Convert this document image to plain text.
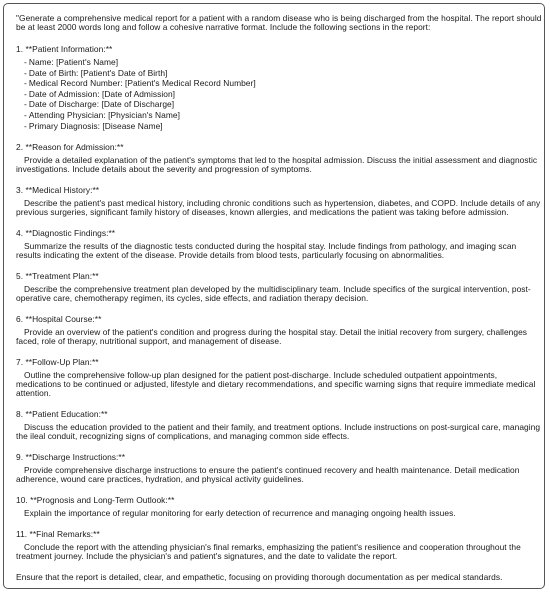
"Generate a comprehensive medical report for a patient with a random disease who is being discharged from the hospital. The report should be at least 2000 words long and follow a cohesive narrative format. Include the following sections in the report:

1. **Patient Information:**
- Name: [Patient's Name]
- Date of Birth: [Patient's Date of Birth]
- Medical Record Number: [Patient's Medical Record Number]
- Date of Admission: [Date of Admission]
- Date of Discharge: [Date of Discharge]
- Attending Physician: [Physician's Name]
- Primary Diagnosis: [Disease Name]
2. **Reason for Admission:**

Provide a detailed explanation of the patient's symptoms that led to the hospital admission. Discuss the initial assessment and diagnostic investigations. Include details about the severity and progression of symptoms.

3. **Medical History:**

Describe the patient's past medical history, including chronic conditions such as hypertension, diabetes, and COPD. Include details of any previous surgeries, significant family history of diseases, known allergies, and medications the patient was taking before admission.

4. **Diagnostic Findings:**

Summarize the results of the diagnostic tests conducted during the hospital stay. Include findings from pathology, and imaging scan results indicating the extent of the disease. Provide details from blood tests, particularly focusing on abnormalities.

5. **Treatment Plan:**

Describe the comprehensive treatment plan developed by the multidisciplinary team. Include specifics of the surgical intervention, post-operative care, chemotherapy regimen, its cycles, side effects, and radiation therapy decision.

6. **Hospital Course:**

Provide an overview of the patient's condition and progress during the hospital stay. Detail the initial recovery from surgery, challenges faced, role of therapy, nutritional support, and management of disease.

7. **Follow-Up Plan:**

Outline the comprehensive follow-up plan designed for the patient post-discharge. Include scheduled outpatient appointments, medications to be continued or adjusted, lifestyle and dietary recommendations, and specific warning signs that require immediate medical attention.

8. **Patient Education:**

Discuss the education provided to the patient and their family, and treatment options. Include instructions on post-surgical care, managing the ileal conduit, recognizing signs of complications, and managing common side effects.

9. **Discharge Instructions:**

Provide comprehensive discharge instructions to ensure the patient's continued recovery and health maintenance. Detail medication adherence, wound care practices, hydration, and physical activity guidelines.

10. **Prognosis and Long-Term Outlook:**

Explain the importance of regular monitoring for early detection of recurrence and managing ongoing health issues.

11. **Final Remarks:**

Conclude the report with the attending physician's final remarks, emphasizing the patient's resilience and cooperation throughout the treatment journey. Include the physician's and patient's signatures, and the date to validate the report.

Ensure that the report is detailed, clear, and empathetic, focusing on providing thorough documentation as per medical standards.
